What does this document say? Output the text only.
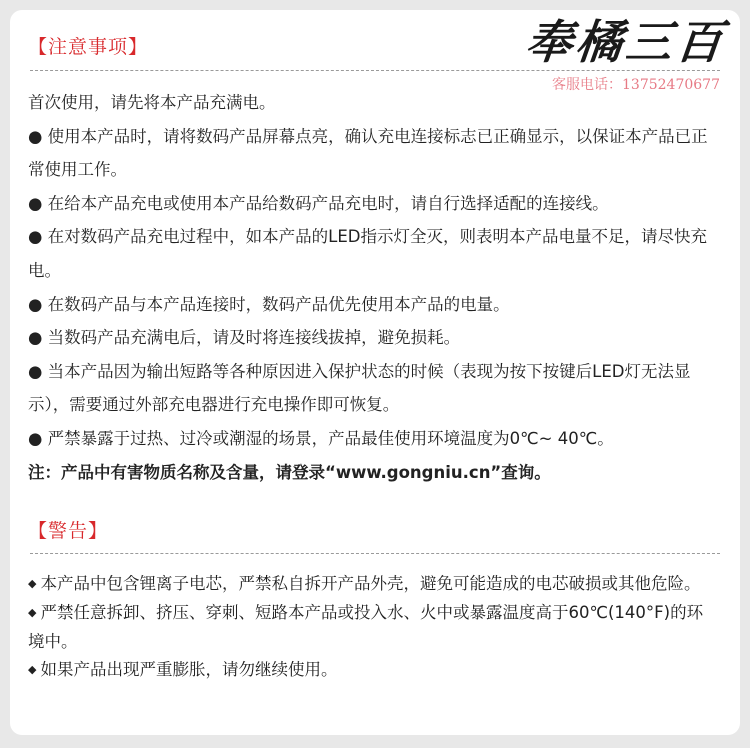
【注意事项】	奉橘三百
客服电话：13752470677

首次使用，请先将本产品充满电。

● 使用本产品时，请将数码产品屏幕点亮，确认充电连接标志已正确显示，以保证本产品已正常使用工作。

● 在给本产品充电或使用本产品给数码产品充电时，请自行选择适配的连接线。

● 在对数码产品充电过程中，如本产品的LED指示灯全灭，则表明本产品电量不足，请尽快充电。

● 在数码产品与本产品连接时，数码产品优先使用本产品的电量。

● 当数码产品充满电后，请及时将连接线拔掉，避免损耗。

● 当本产品因为输出短路等各种原因进入保护状态的时候（表现为按下按键后LED灯无法显示），需要通过外部充电器进行充电操作即可恢复。

● 严禁暴露于过热、过冷或潮湿的场景，产品最佳使用环境温度为0℃~ 40℃。

注：产品中有害物质名称及含量，请登录“www.gongniu.cn”查询。

【警告】

◆ 本产品中包含锂离子电芯，严禁私自拆开产品外壳，避免可能造成的电芯破损或其他危险。

◆ 严禁任意拆卸、挤压、穿刺、短路本产品或投入水、火中或暴露温度高于60℃(140°F)的环境中。

◆ 如果产品出现严重膨胀，请勿继续使用。
